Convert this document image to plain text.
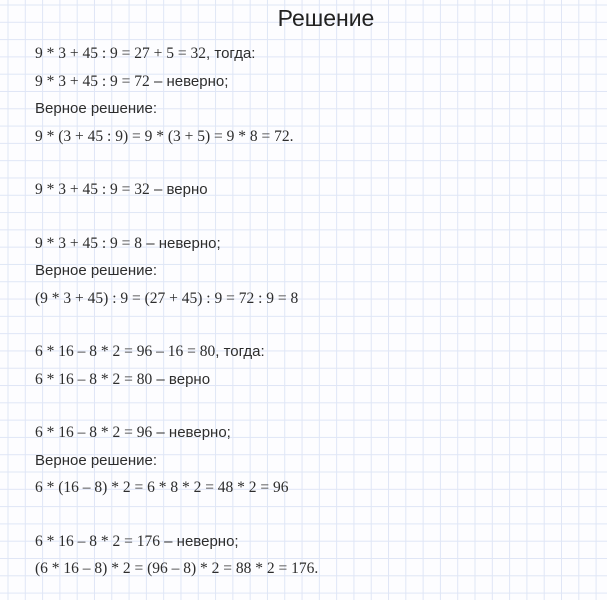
Решение
9 * 3 + 45 : 9 = 27 + 5 = 32, тогда:
9 * 3 + 45 : 9 = 72 – неверно;
Верное решение:
9 * (3 + 45 : 9) = 9 * (3 + 5) = 9 * 8 = 72.
9 * 3 + 45 : 9 = 32 – верно
9 * 3 + 45 : 9 = 8 – неверно;
Верное решение:
(9 * 3 + 45) : 9 = (27 + 45) : 9 = 72 : 9 = 8
6 * 16 – 8 * 2 = 96 – 16 = 80, тогда:
6 * 16 – 8 * 2 = 80 – верно
6 * 16 – 8 * 2 = 96 – неверно;
Верное решение:
6 * (16 – 8) * 2 = 6 * 8 * 2 = 48 * 2 = 96
6 * 16 – 8 * 2 = 176 – неверно;
(6 * 16 – 8) * 2 = (96 – 8) * 2 = 88 * 2 = 176.
